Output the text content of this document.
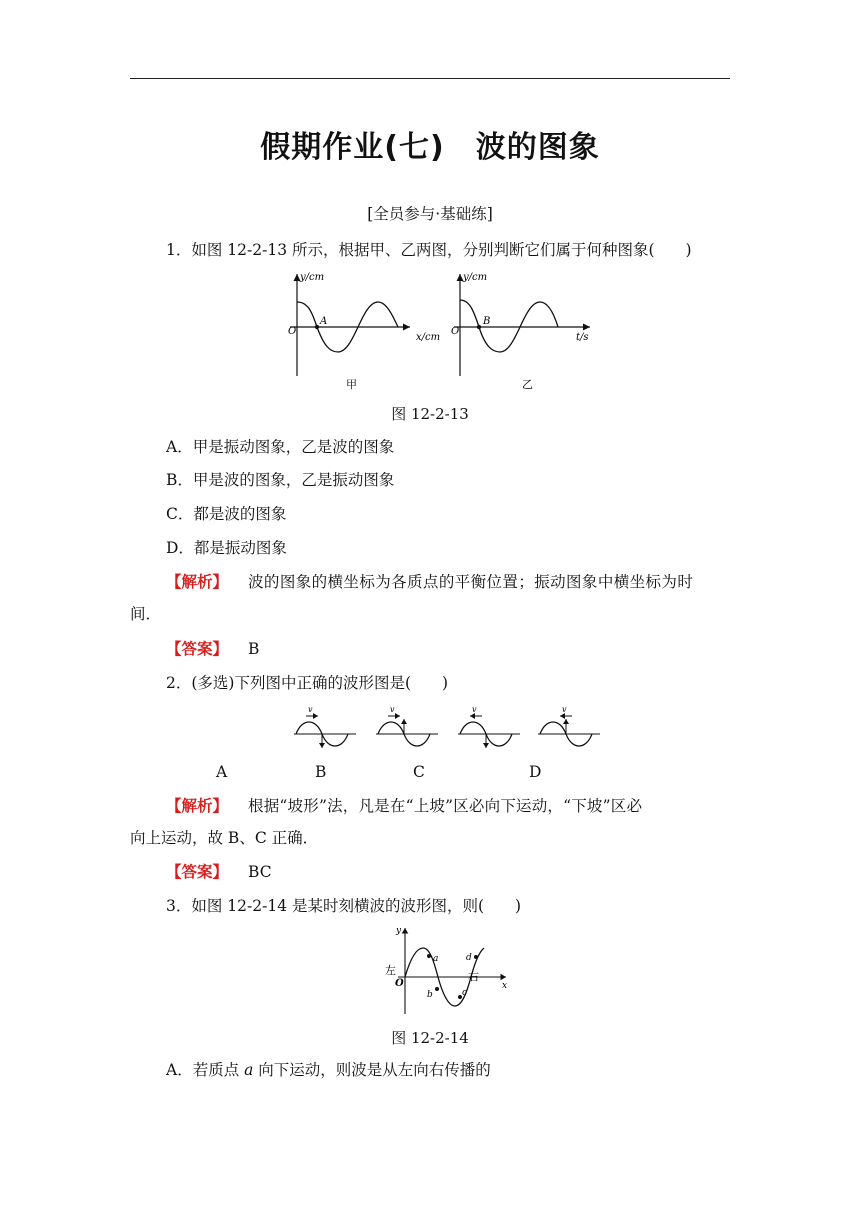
假期作业(七)　波的图象
[全员参与·基础练]
1．如图 12-2-13 所示，根据甲、乙两图，分别判断它们属于何种图象(　　)
y/cm
O
A
x/cm
甲
y/cm
O
B
t/s
乙
图 12-2-13
A．甲是振动图象，乙是波的图象
B．甲是波的图象，乙是振动图象
C．都是波的图象
D．都是振动图象
【解析】 波的图象的横坐标为各质点的平衡位置；振动图象中横坐标为时
间．
【答案】 B
2．(多选)下列图中正确的波形图是(　　)
v	v	v	v
A	B	C	D
【解析】 根据“坡形”法，凡是在“上坡”区必向下运动，“下坡”区必
向上运动，故 B、C 正确．
【答案】 BC
3．如图 12-2-14 是某时刻横波的波形图，则(　　)
y
x
O
左	右
a
b	c
d
图 12-2-14
A．若质点 a 向下运动，则波是从左向右传播的
